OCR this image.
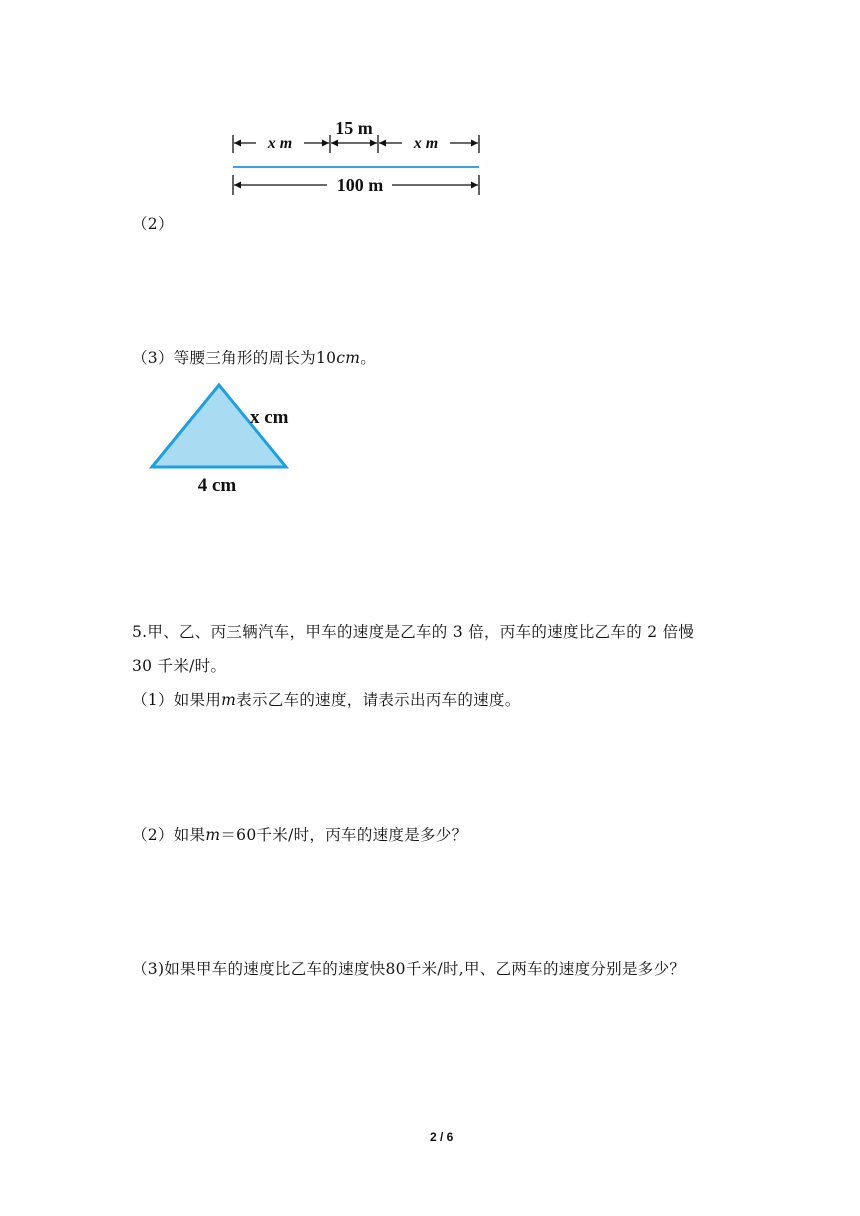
x m
15 m
x m
100 m
（2）
（3）等腰三角形的周长为10cm。
x cm
4 cm
5.甲、乙、丙三辆汽车，甲车的速度是乙车的 3 倍，丙车的速度比乙车的 2 倍慢
30 千米/时。
（1）如果用m表示乙车的速度，请表示出丙车的速度。
（2）如果m＝60千米/时，丙车的速度是多少？
（3)如果甲车的速度比乙车的速度快80千米/时,甲、乙两车的速度分别是多少？
2 / 6
